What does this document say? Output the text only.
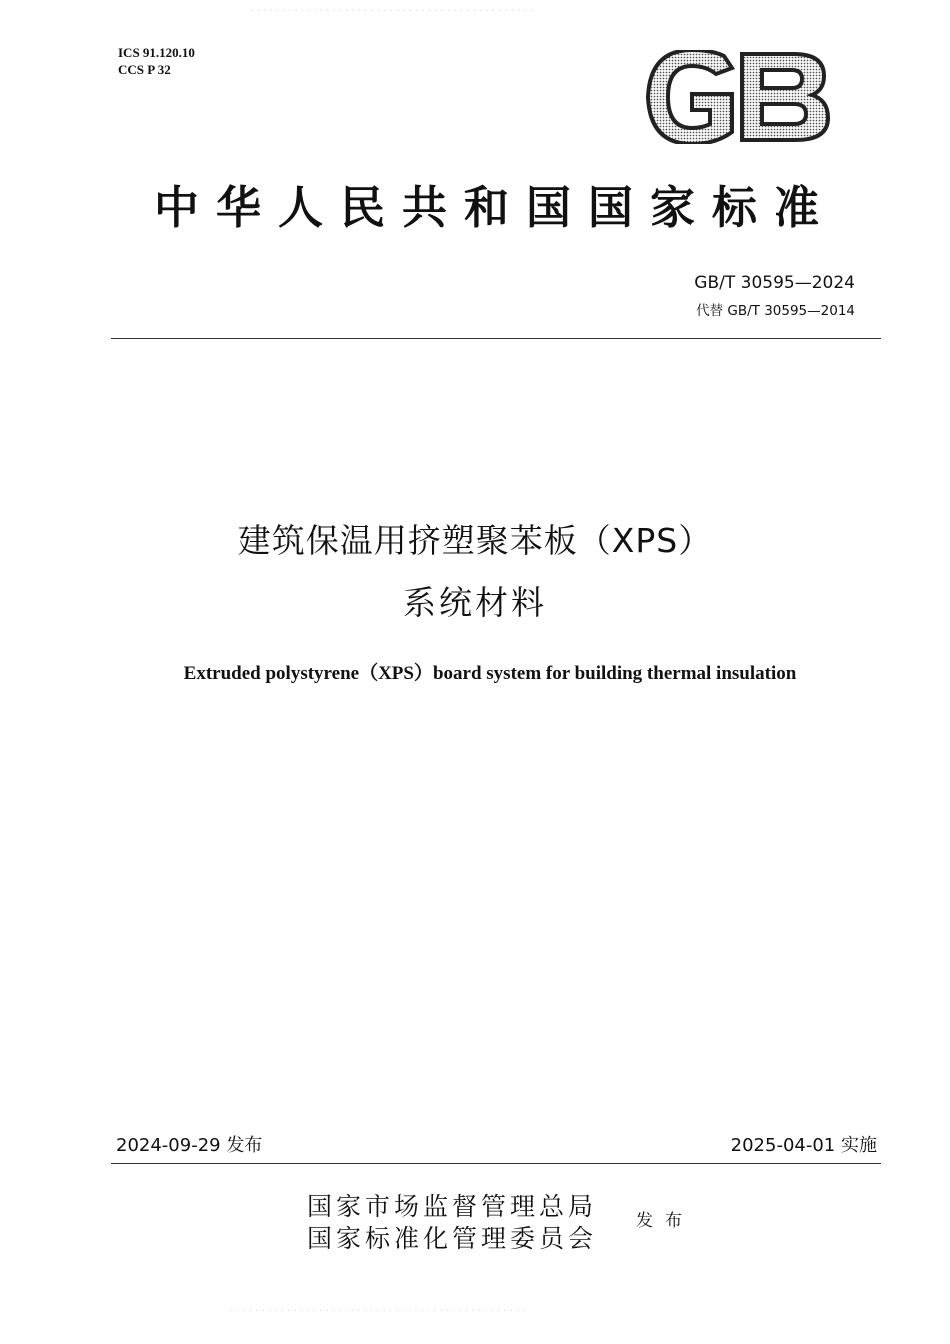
· · · · · · · · · · · · · · · · · · · · · · · · · · · · · · · · · · · · · · · · · · · · ·
ICS 91.120.10
CCS P 32
GB
中华人民共和国国家标准
GB/T 30595—2024
代替 GB/T 30595—2014
建筑保温用挤塑聚苯板（XPS）
系统材料
Extruded polystyrene（XPS）board system for building thermal insulation
2024-09-29 发布	2025-04-01 实施
国家市场监督管理总局
国家标准化管理委员会
发布
· · · · · · · · · · · · · · · · · · · · · · · · · · · · · · · · · · · · · · · · · · · · · · ·
